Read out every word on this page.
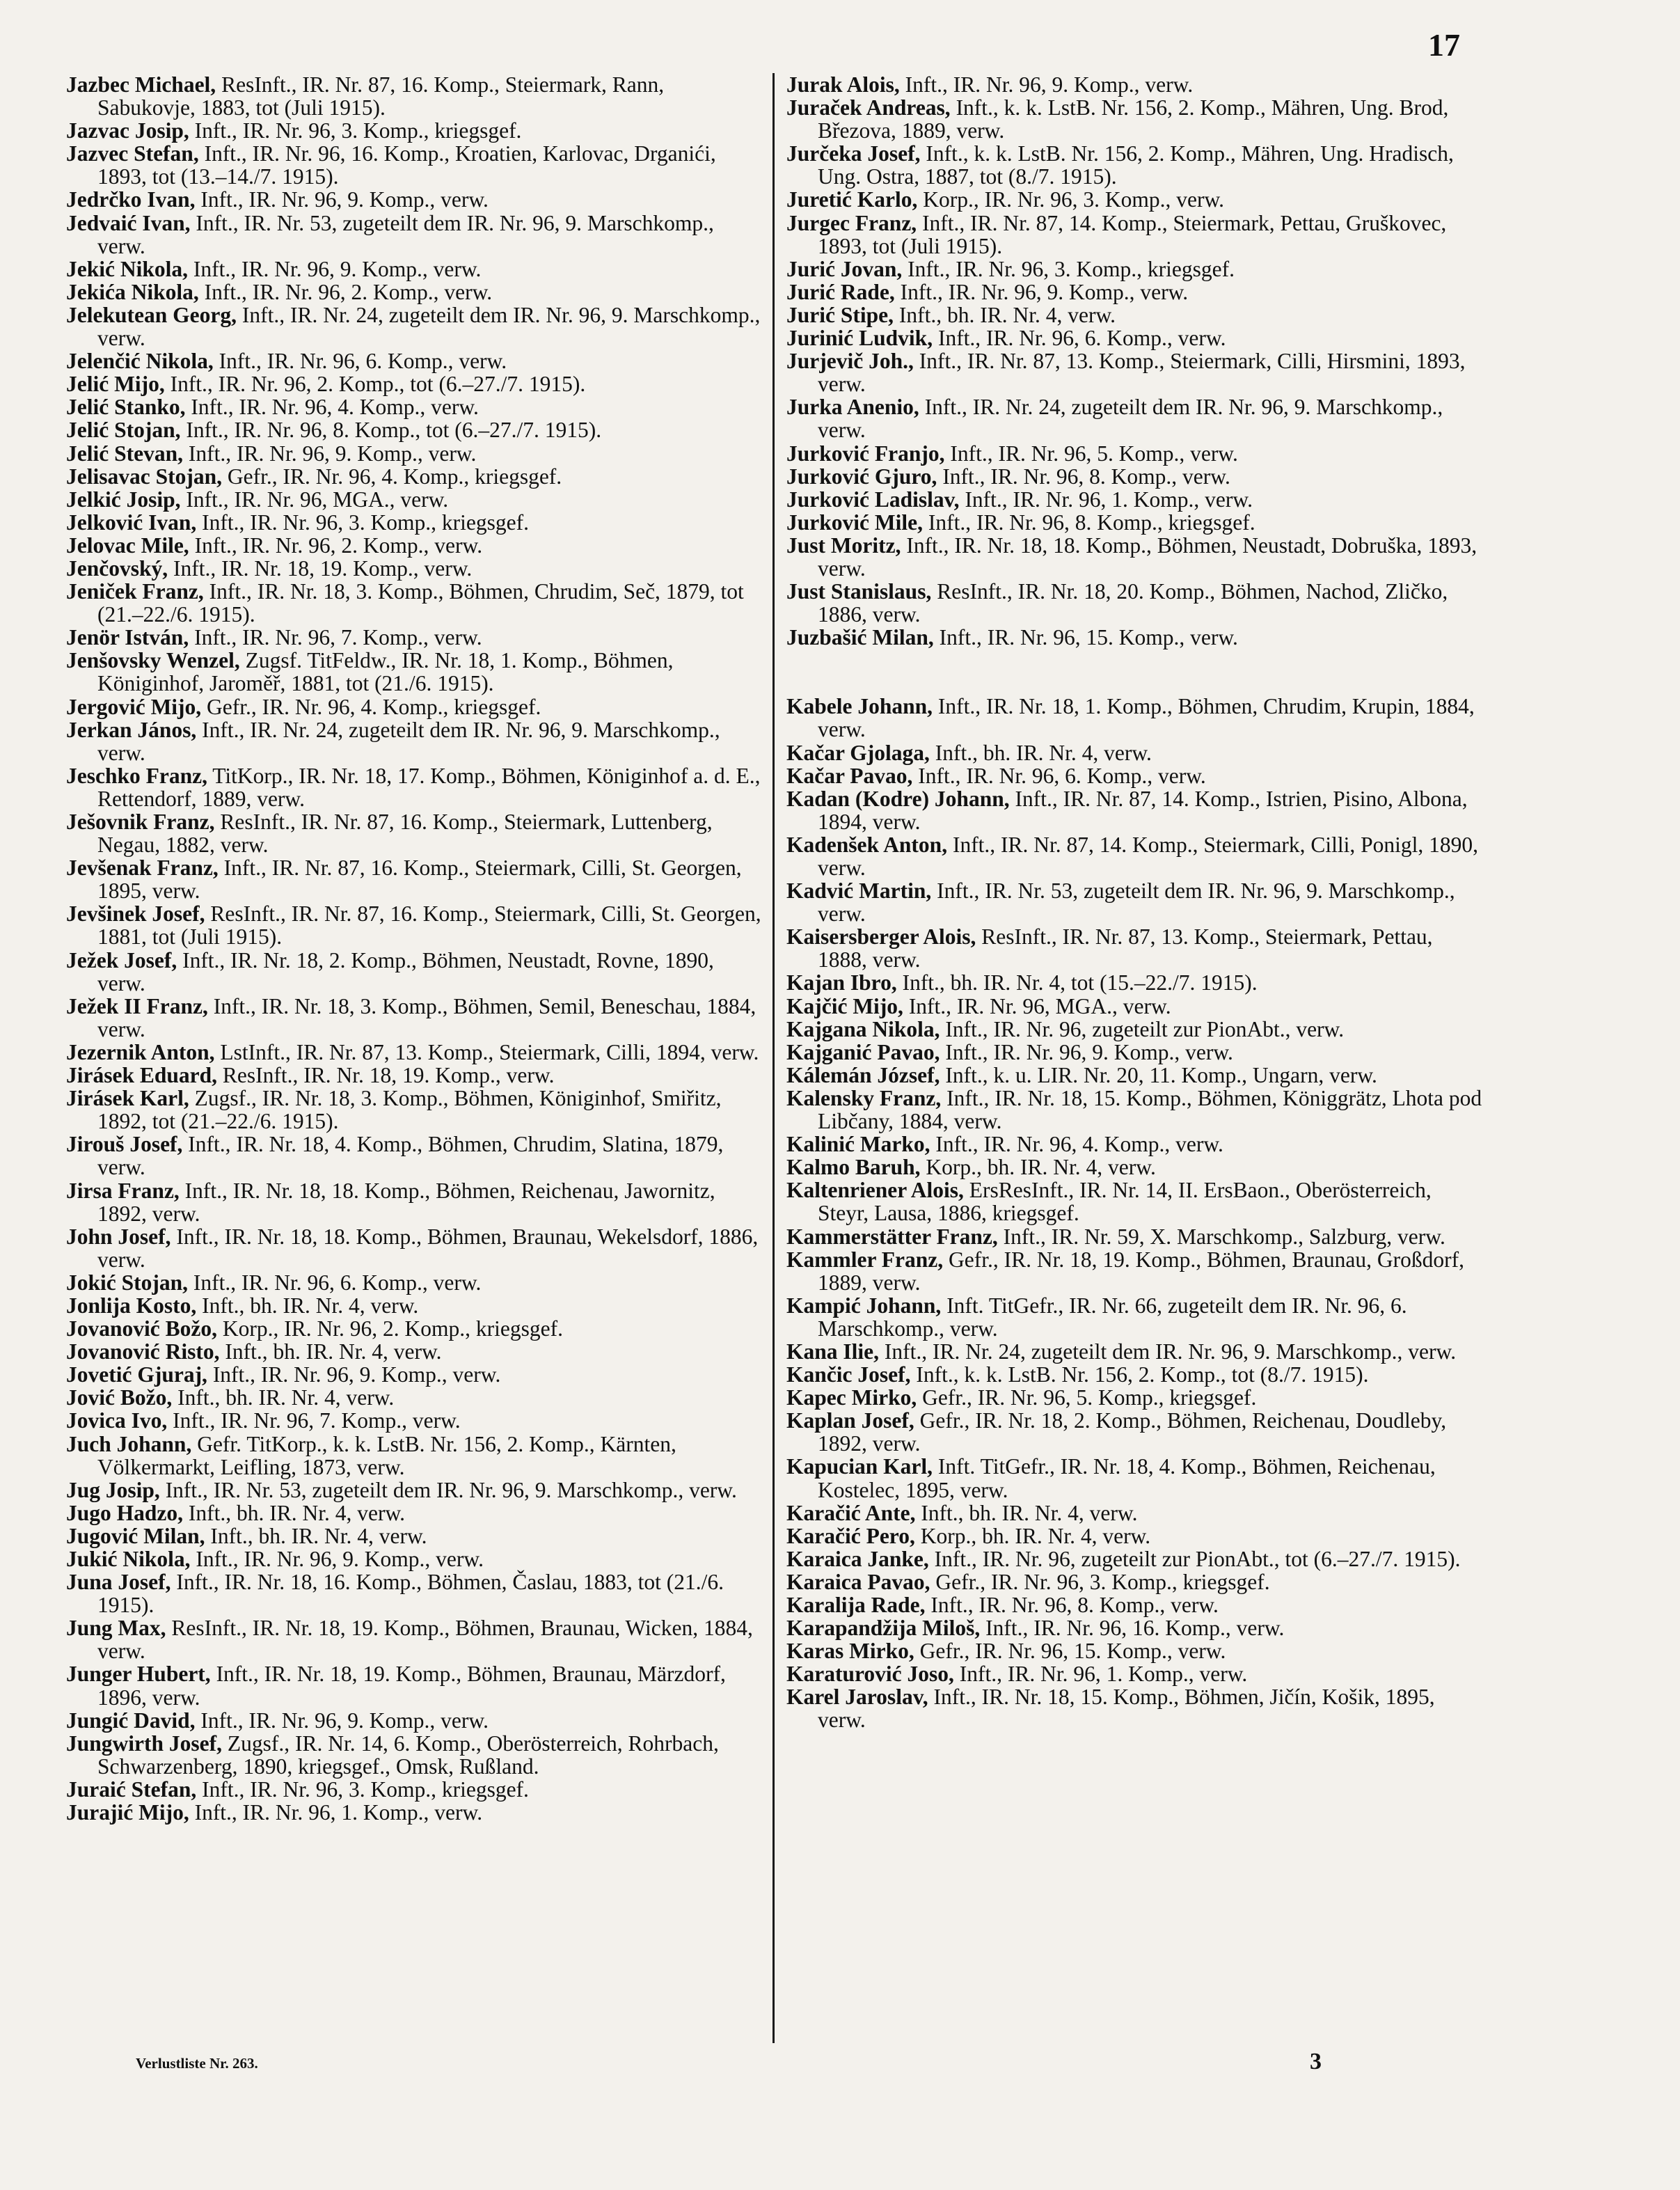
17

Jazbec Michael, ResInft., IR. Nr. 87, 16. Komp., Steiermark, Rann, Sabukovje, 1883, tot (Juli 1915).

Jazvac Josip, Inft., IR. Nr. 96, 3. Komp., kriegsgef.

Jazvec Stefan, Inft., IR. Nr. 96, 16. Komp., Kroatien, Karlovac, Drganići, 1893, tot (13.–14./7. 1915).

Jedrčko Ivan, Inft., IR. Nr. 96, 9. Komp., verw.

Jedvaić Ivan, Inft., IR. Nr. 53, zugeteilt dem IR. Nr. 96, 9. Marschkomp., verw.

Jekić Nikola, Inft., IR. Nr. 96, 9. Komp., verw.

Jekića Nikola, Inft., IR. Nr. 96, 2. Komp., verw.

Jelekutean Georg, Inft., IR. Nr. 24, zugeteilt dem IR. Nr. 96, 9. Marschkomp., verw.

Jelenčić Nikola, Inft., IR. Nr. 96, 6. Komp., verw.

Jelić Mijo, Inft., IR. Nr. 96, 2. Komp., tot (6.–27./7. 1915).

Jelić Stanko, Inft., IR. Nr. 96, 4. Komp., verw.

Jelić Stojan, Inft., IR. Nr. 96, 8. Komp., tot (6.–27./7. 1915).

Jelić Stevan, Inft., IR. Nr. 96, 9. Komp., verw.

Jelisavac Stojan, Gefr., IR. Nr. 96, 4. Komp., kriegsgef.

Jelkić Josip, Inft., IR. Nr. 96, MGA., verw.

Jelković Ivan, Inft., IR. Nr. 96, 3. Komp., kriegsgef.

Jelovac Mile, Inft., IR. Nr. 96, 2. Komp., verw.

Jenčovský, Inft., IR. Nr. 18, 19. Komp., verw.

Jeniček Franz, Inft., IR. Nr. 18, 3. Komp., Böhmen, Chrudim, Seč, 1879, tot (21.–22./6. 1915).

Jenör István, Inft., IR. Nr. 96, 7. Komp., verw.

Jenšovsky Wenzel, Zugsf. TitFeldw., IR. Nr. 18, 1. Komp., Böhmen, Königinhof, Jaroměř, 1881, tot (21./6. 1915).

Jergović Mijo, Gefr., IR. Nr. 96, 4. Komp., kriegsgef.

Jerkan János, Inft., IR. Nr. 24, zugeteilt dem IR. Nr. 96, 9. Marschkomp., verw.

Jeschko Franz, TitKorp., IR. Nr. 18, 17. Komp., Böhmen, Königinhof a. d. E., Rettendorf, 1889, verw.

Ješovnik Franz, ResInft., IR. Nr. 87, 16. Komp., Steiermark, Luttenberg, Negau, 1882, verw.

Jevšenak Franz, Inft., IR. Nr. 87, 16. Komp., Steiermark, Cilli, St. Georgen, 1895, verw.

Jevšinek Josef, ResInft., IR. Nr. 87, 16. Komp., Steiermark, Cilli, St. Georgen, 1881, tot (Juli 1915).

Ježek Josef, Inft., IR. Nr. 18, 2. Komp., Böhmen, Neustadt, Rovne, 1890, verw.

Ježek II Franz, Inft., IR. Nr. 18, 3. Komp., Böhmen, Semil, Beneschau, 1884, verw.

Jezernik Anton, LstInft., IR. Nr. 87, 13. Komp., Steiermark, Cilli, 1894, verw.

Jirásek Eduard, ResInft., IR. Nr. 18, 19. Komp., verw.

Jirásek Karl, Zugsf., IR. Nr. 18, 3. Komp., Böhmen, Königinhof, Smiřitz, 1892, tot (21.–22./6. 1915).

Jirouš Josef, Inft., IR. Nr. 18, 4. Komp., Böhmen, Chrudim, Slatina, 1879, verw.

Jirsa Franz, Inft., IR. Nr. 18, 18. Komp., Böhmen, Reichenau, Jawornitz, 1892, verw.

John Josef, Inft., IR. Nr. 18, 18. Komp., Böhmen, Braunau, Wekelsdorf, 1886, verw.

Jokić Stojan, Inft., IR. Nr. 96, 6. Komp., verw.

Jonlija Kosto, Inft., bh. IR. Nr. 4, verw.

Jovanović Božo, Korp., IR. Nr. 96, 2. Komp., kriegsgef.

Jovanović Risto, Inft., bh. IR. Nr. 4, verw.

Jovetić Gjuraj, Inft., IR. Nr. 96, 9. Komp., verw.

Jović Božo, Inft., bh. IR. Nr. 4, verw.

Jovica Ivo, Inft., IR. Nr. 96, 7. Komp., verw.

Juch Johann, Gefr. TitKorp., k. k. LstB. Nr. 156, 2. Komp., Kärnten, Völkermarkt, Leifling, 1873, verw.

Jug Josip, Inft., IR. Nr. 53, zugeteilt dem IR. Nr. 96, 9. Marschkomp., verw.

Jugo Hadzo, Inft., bh. IR. Nr. 4, verw.

Jugović Milan, Inft., bh. IR. Nr. 4, verw.

Jukić Nikola, Inft., IR. Nr. 96, 9. Komp., verw.

Juna Josef, Inft., IR. Nr. 18, 16. Komp., Böhmen, Časlau, 1883, tot (21./6. 1915).

Jung Max, ResInft., IR. Nr. 18, 19. Komp., Böhmen, Braunau, Wicken, 1884, verw.

Junger Hubert, Inft., IR. Nr. 18, 19. Komp., Böhmen, Braunau, Märzdorf, 1896, verw.

Jungić David, Inft., IR. Nr. 96, 9. Komp., verw.

Jungwirth Josef, Zugsf., IR. Nr. 14, 6. Komp., Oberösterreich, Rohrbach, Schwarzenberg, 1890, kriegsgef., Omsk, Rußland.

Juraić Stefan, Inft., IR. Nr. 96, 3. Komp., kriegsgef.

Jurajić Mijo, Inft., IR. Nr. 96, 1. Komp., verw.

Jurak Alois, Inft., IR. Nr. 96, 9. Komp., verw.

Juraček Andreas, Inft., k. k. LstB. Nr. 156, 2. Komp., Mähren, Ung. Brod, Březova, 1889, verw.

Jurčeka Josef, Inft., k. k. LstB. Nr. 156, 2. Komp., Mähren, Ung. Hradisch, Ung. Ostra, 1887, tot (8./7. 1915).

Juretić Karlo, Korp., IR. Nr. 96, 3. Komp., verw.

Jurgec Franz, Inft., IR. Nr. 87, 14. Komp., Steiermark, Pettau, Gruškovec, 1893, tot (Juli 1915).

Jurić Jovan, Inft., IR. Nr. 96, 3. Komp., kriegsgef.

Jurić Rade, Inft., IR. Nr. 96, 9. Komp., verw.

Jurić Stipe, Inft., bh. IR. Nr. 4, verw.

Jurinić Ludvik, Inft., IR. Nr. 96, 6. Komp., verw.

Jurjevič Joh., Inft., IR. Nr. 87, 13. Komp., Steiermark, Cilli, Hirsmini, 1893, verw.

Jurka Anenio, Inft., IR. Nr. 24, zugeteilt dem IR. Nr. 96, 9. Marschkomp., verw.

Jurković Franjo, Inft., IR. Nr. 96, 5. Komp., verw.

Jurković Gjuro, Inft., IR. Nr. 96, 8. Komp., verw.

Jurković Ladislav, Inft., IR. Nr. 96, 1. Komp., verw.

Jurković Mile, Inft., IR. Nr. 96, 8. Komp., kriegsgef.

Just Moritz, Inft., IR. Nr. 18, 18. Komp., Böhmen, Neustadt, Dobruška, 1893, verw.

Just Stanislaus, ResInft., IR. Nr. 18, 20. Komp., Böhmen, Nachod, Zličko, 1886, verw.

Juzbašić Milan, Inft., IR. Nr. 96, 15. Komp., verw.

Kabele Johann, Inft., IR. Nr. 18, 1. Komp., Böhmen, Chrudim, Krupin, 1884, verw.

Kačar Gjolaga, Inft., bh. IR. Nr. 4, verw.

Kačar Pavao, Inft., IR. Nr. 96, 6. Komp., verw.

Kadan (Kodre) Johann, Inft., IR. Nr. 87, 14. Komp., Istrien, Pisino, Albona, 1894, verw.

Kadenšek Anton, Inft., IR. Nr. 87, 14. Komp., Steiermark, Cilli, Ponigl, 1890, verw.

Kadvić Martin, Inft., IR. Nr. 53, zugeteilt dem IR. Nr. 96, 9. Marschkomp., verw.

Kaisersberger Alois, ResInft., IR. Nr. 87, 13. Komp., Steiermark, Pettau, 1888, verw.

Kajan Ibro, Inft., bh. IR. Nr. 4, tot (15.–22./7. 1915).

Kajčić Mijo, Inft., IR. Nr. 96, MGA., verw.

Kajgana Nikola, Inft., IR. Nr. 96, zugeteilt zur PionAbt., verw.

Kajganić Pavao, Inft., IR. Nr. 96, 9. Komp., verw.

Kálemán József, Inft., k. u. LIR. Nr. 20, 11. Komp., Ungarn, verw.

Kalensky Franz, Inft., IR. Nr. 18, 15. Komp., Böhmen, Königgrätz, Lhota pod Libčany, 1884, verw.

Kalinić Marko, Inft., IR. Nr. 96, 4. Komp., verw.

Kalmo Baruh, Korp., bh. IR. Nr. 4, verw.

Kaltenriener Alois, ErsResInft., IR. Nr. 14, II. ErsBaon., Oberösterreich, Steyr, Lausa, 1886, kriegsgef.

Kammerstätter Franz, Inft., IR. Nr. 59, X. Marschkomp., Salzburg, verw.

Kammler Franz, Gefr., IR. Nr. 18, 19. Komp., Böhmen, Braunau, Großdorf, 1889, verw.

Kampić Johann, Inft. TitGefr., IR. Nr. 66, zugeteilt dem IR. Nr. 96, 6. Marschkomp., verw.

Kana Ilie, Inft., IR. Nr. 24, zugeteilt dem IR. Nr. 96, 9. Marschkomp., verw.

Kančic Josef, Inft., k. k. LstB. Nr. 156, 2. Komp., tot (8./7. 1915).

Kapec Mirko, Gefr., IR. Nr. 96, 5. Komp., kriegsgef.

Kaplan Josef, Gefr., IR. Nr. 18, 2. Komp., Böhmen, Reichenau, Doudleby, 1892, verw.

Kapucian Karl, Inft. TitGefr., IR. Nr. 18, 4. Komp., Böhmen, Reichenau, Kostelec, 1895, verw.

Karačić Ante, Inft., bh. IR. Nr. 4, verw.

Karačić Pero, Korp., bh. IR. Nr. 4, verw.

Karaica Janke, Inft., IR. Nr. 96, zugeteilt zur PionAbt., tot (6.–27./7. 1915).

Karaica Pavao, Gefr., IR. Nr. 96, 3. Komp., kriegsgef.

Karalija Rade, Inft., IR. Nr. 96, 8. Komp., verw.

Karapandžija Miloš, Inft., IR. Nr. 96, 16. Komp., verw.

Karas Mirko, Gefr., IR. Nr. 96, 15. Komp., verw.

Karaturović Joso, Inft., IR. Nr. 96, 1. Komp., verw.

Karel Jaroslav, Inft., IR. Nr. 18, 15. Komp., Böhmen, Jičín, Košik, 1895, verw.

Verlustliste Nr. 263.	3
